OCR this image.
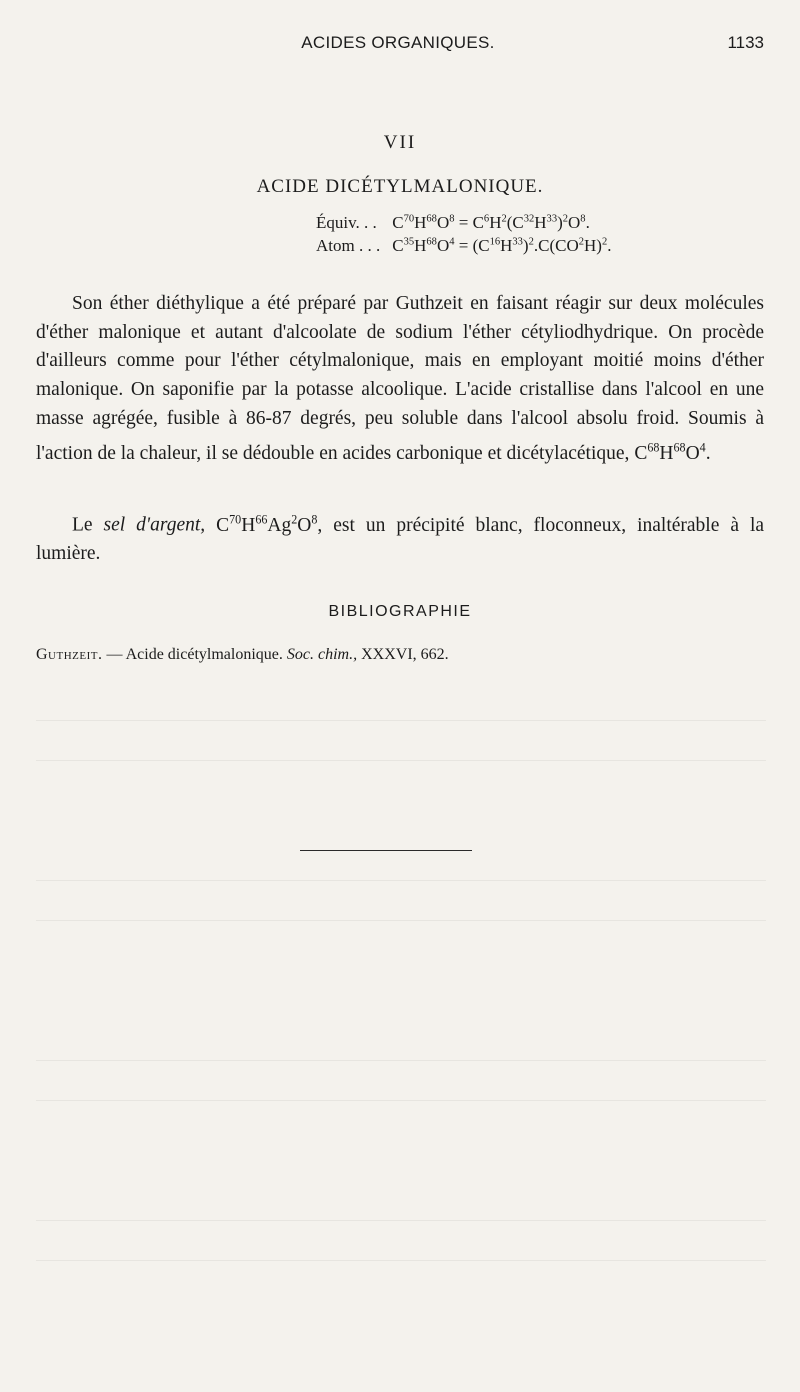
ACIDES ORGANIQUES.	1133
VII
ACIDE DICÉTYLMALONIQUE.
Équiv. . . $C^{70}H^{68}O^8 = C^6H^2(C^{32}H^{33})^2O^8$.
Atom . . . $C^{35}H^{68}O^4 = (C^{16}H^{33})^2.C(CO^2H)^2$.

Son éther diéthylique a été préparé par Guthzeit en faisant réagir sur deux molécules d'éther malonique et autant d'alcoolate de sodium l'éther cétyliodhydrique. On procède d'ailleurs comme pour l'éther cétylmalonique, mais en employant moitié moins d'éther malonique. On saponifie par la potasse alcoolique. L'acide cristallise dans l'alcool en une masse agrégée, fusible à 86-87 degrés, peu soluble dans l'alcool absolu froid. Soumis à l'action de la chaleur, il se dédouble en acides carbonique et dicétylacétique, $C^{68}H^{68}O^4$.

Le sel d'argent, $C^{70}H^{66}Ag^2O^8$, est un précipité blanc, floconneux, inaltérable à la lumière.

BIBLIOGRAPHIE
Guthzeit. — Acide dicétylmalonique. Soc. chim., XXXVI, 662.
